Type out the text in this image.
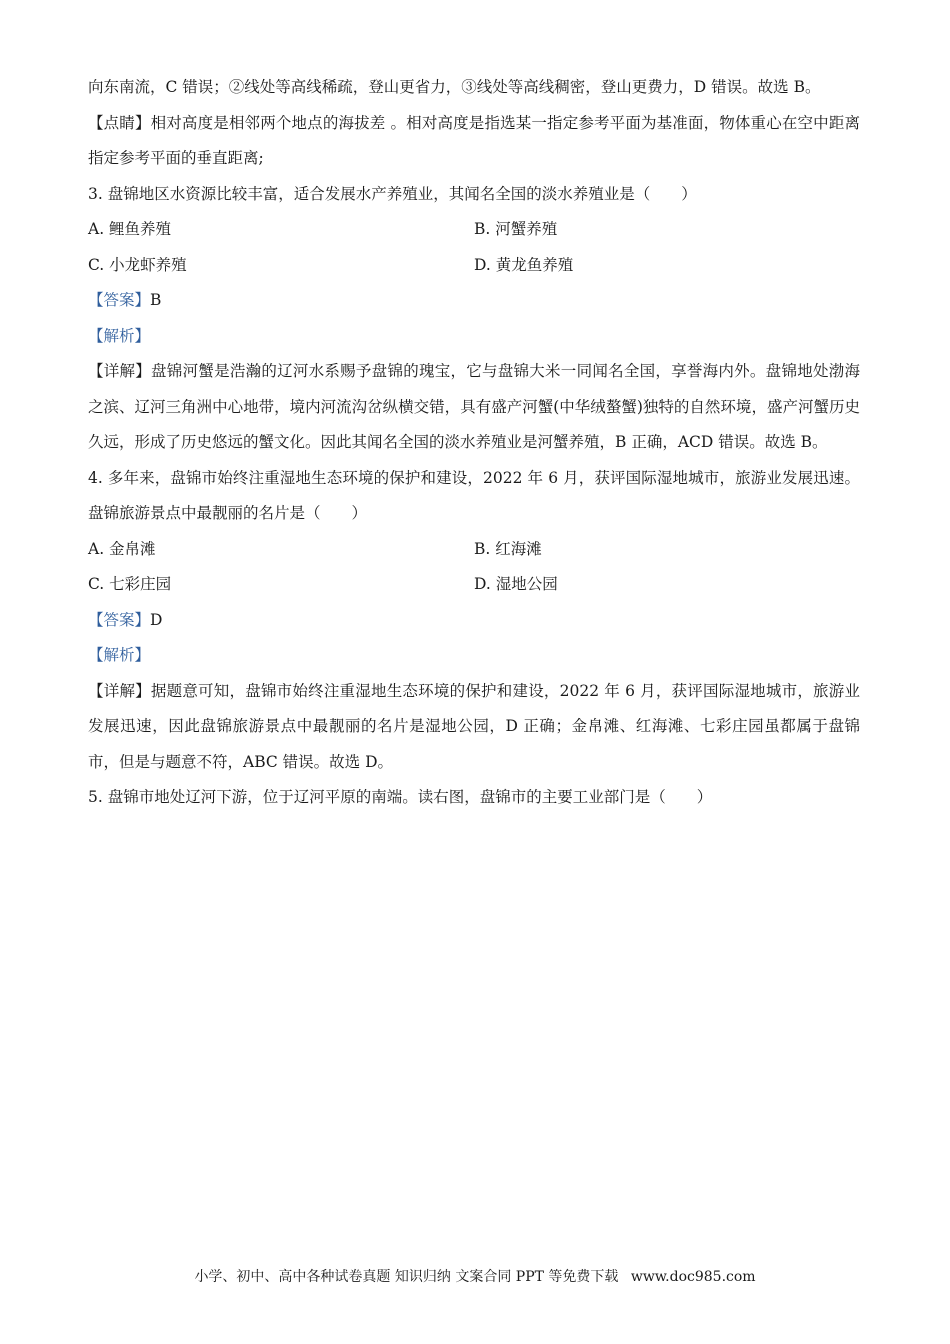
向东南流，C 错误；②线处等高线稀疏，登山更省力，③线处等高线稠密，登山更费力，D 错误。故选 B。

【点睛】相对高度是相邻两个地点的海拔差 。相对高度是指选某一指定参考平面为基准面，物体重心在空中距离指定参考平面的垂直距离;

3. 盘锦地区水资源比较丰富，适合发展水产养殖业，其闻名全国的淡水养殖业是（　　）

A. 鲤鱼养殖	B. 河蟹养殖
C. 小龙虾养殖	D. 黄龙鱼养殖

【答案】B

【解析】

【详解】盘锦河蟹是浩瀚的辽河水系赐予盘锦的瑰宝，它与盘锦大米一同闻名全国，享誉海内外。盘锦地处渤海之滨、辽河三角洲中心地带，境内河流沟岔纵横交错，具有盛产河蟹(中华绒螯蟹)独特的自然环境，盛产河蟹历史久远，形成了历史悠远的蟹文化。因此其闻名全国的淡水养殖业是河蟹养殖，B 正确，ACD 错误。故选 B。

4. 多年来，盘锦市始终注重湿地生态环境的保护和建设，2022 年 6 月，获评国际湿地城市，旅游业发展迅速。盘锦旅游景点中最靓丽的名片是（　　）

A. 金帛滩	B. 红海滩
C. 七彩庄园	D. 湿地公园

【答案】D

【解析】

【详解】据题意可知，盘锦市始终注重湿地生态环境的保护和建设，2022 年 6 月，获评国际湿地城市，旅游业发展迅速，因此盘锦旅游景点中最靓丽的名片是湿地公园，D 正确；金帛滩、红海滩、七彩庄园虽都属于盘锦市，但是与题意不符，ABC 错误。故选 D。

5. 盘锦市地处辽河下游，位于辽河平原的南端。读右图，盘锦市的主要工业部门是（　　）

小学、初中、高中各种试卷真题 知识归纳 文案合同 PPT 等免费下载 www.doc985.com
